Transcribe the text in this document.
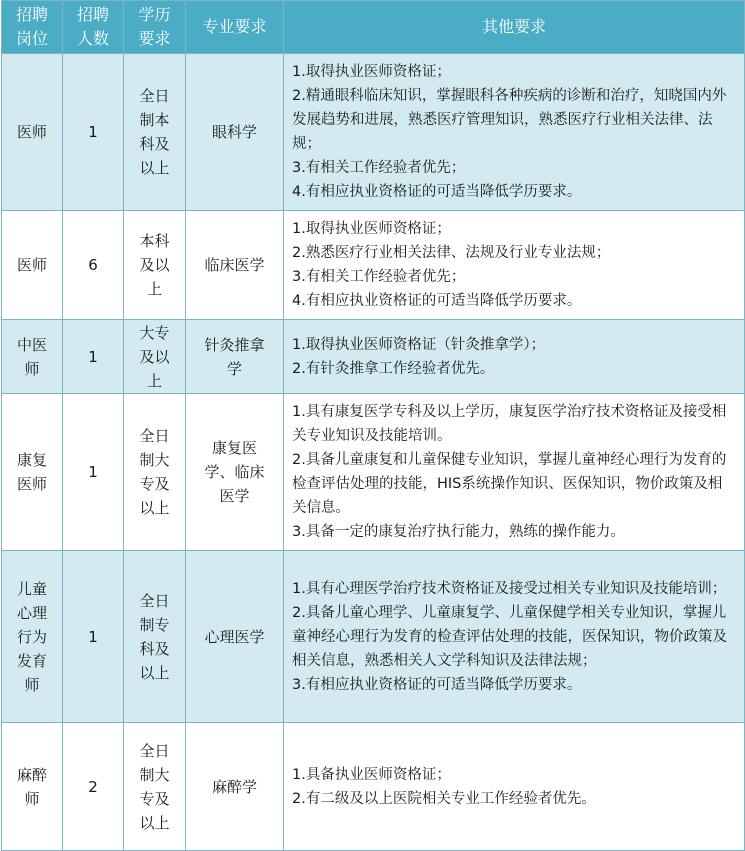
招聘岗位	招聘人数	学历要求	专业要求	其他要求
医师	1	全日制本科及以上	眼科学	1.取得执业医师资格证；
2.精通眼科临床知识，掌握眼科各种疾病的诊断和治疗，知晓国内外发展趋势和进展，熟悉医疗管理知识，熟悉医疗行业相关法律、法规；
3.有相关工作经验者优先；
4.有相应执业资格证的可适当降低学历要求。

医师	6	本科及以上	临床医学	1.取得执业医师资格证；
2.熟悉医疗行业相关法律、法规及行业专业法规；
3.有相关工作经验者优先；
4.有相应执业资格证的可适当降低学历要求。

中医师	1	大专及以上	针灸推拿学	1.取得执业医师资格证（针灸推拿学）；
2.有针灸推拿工作经验者优先。

康复医师	1	全日制大专及以上	康复医学、临床医学	1.具有康复医学专科及以上学历，康复医学治疗技术资格证及接受相关专业知识及技能培训。
2.具备儿童康复和儿童保健专业知识，掌握儿童神经心理行为发育的检查评估处理的技能，HIS系统操作知识、医保知识，物价政策及相关信息。
3.具备一定的康复治疗执行能力，熟练的操作能力。

儿童心理行为发育师	1	全日制专科及以上	心理医学	1.具有心理医学治疗技术资格证及接受过相关专业知识及技能培训；
2.具备儿童心理学、儿童康复学、儿童保健学相关专业知识，掌握儿童神经心理行为发育的检查评估处理的技能，医保知识，物价政策及相关信息，熟悉相关人文学科知识及法律法规；
3.有相应执业资格证的可适当降低学历要求。

麻醉师	2	全日制大专及以上	麻醉学	1.具备执业医师资格证；
2.有二级及以上医院相关专业工作经验者优先。
